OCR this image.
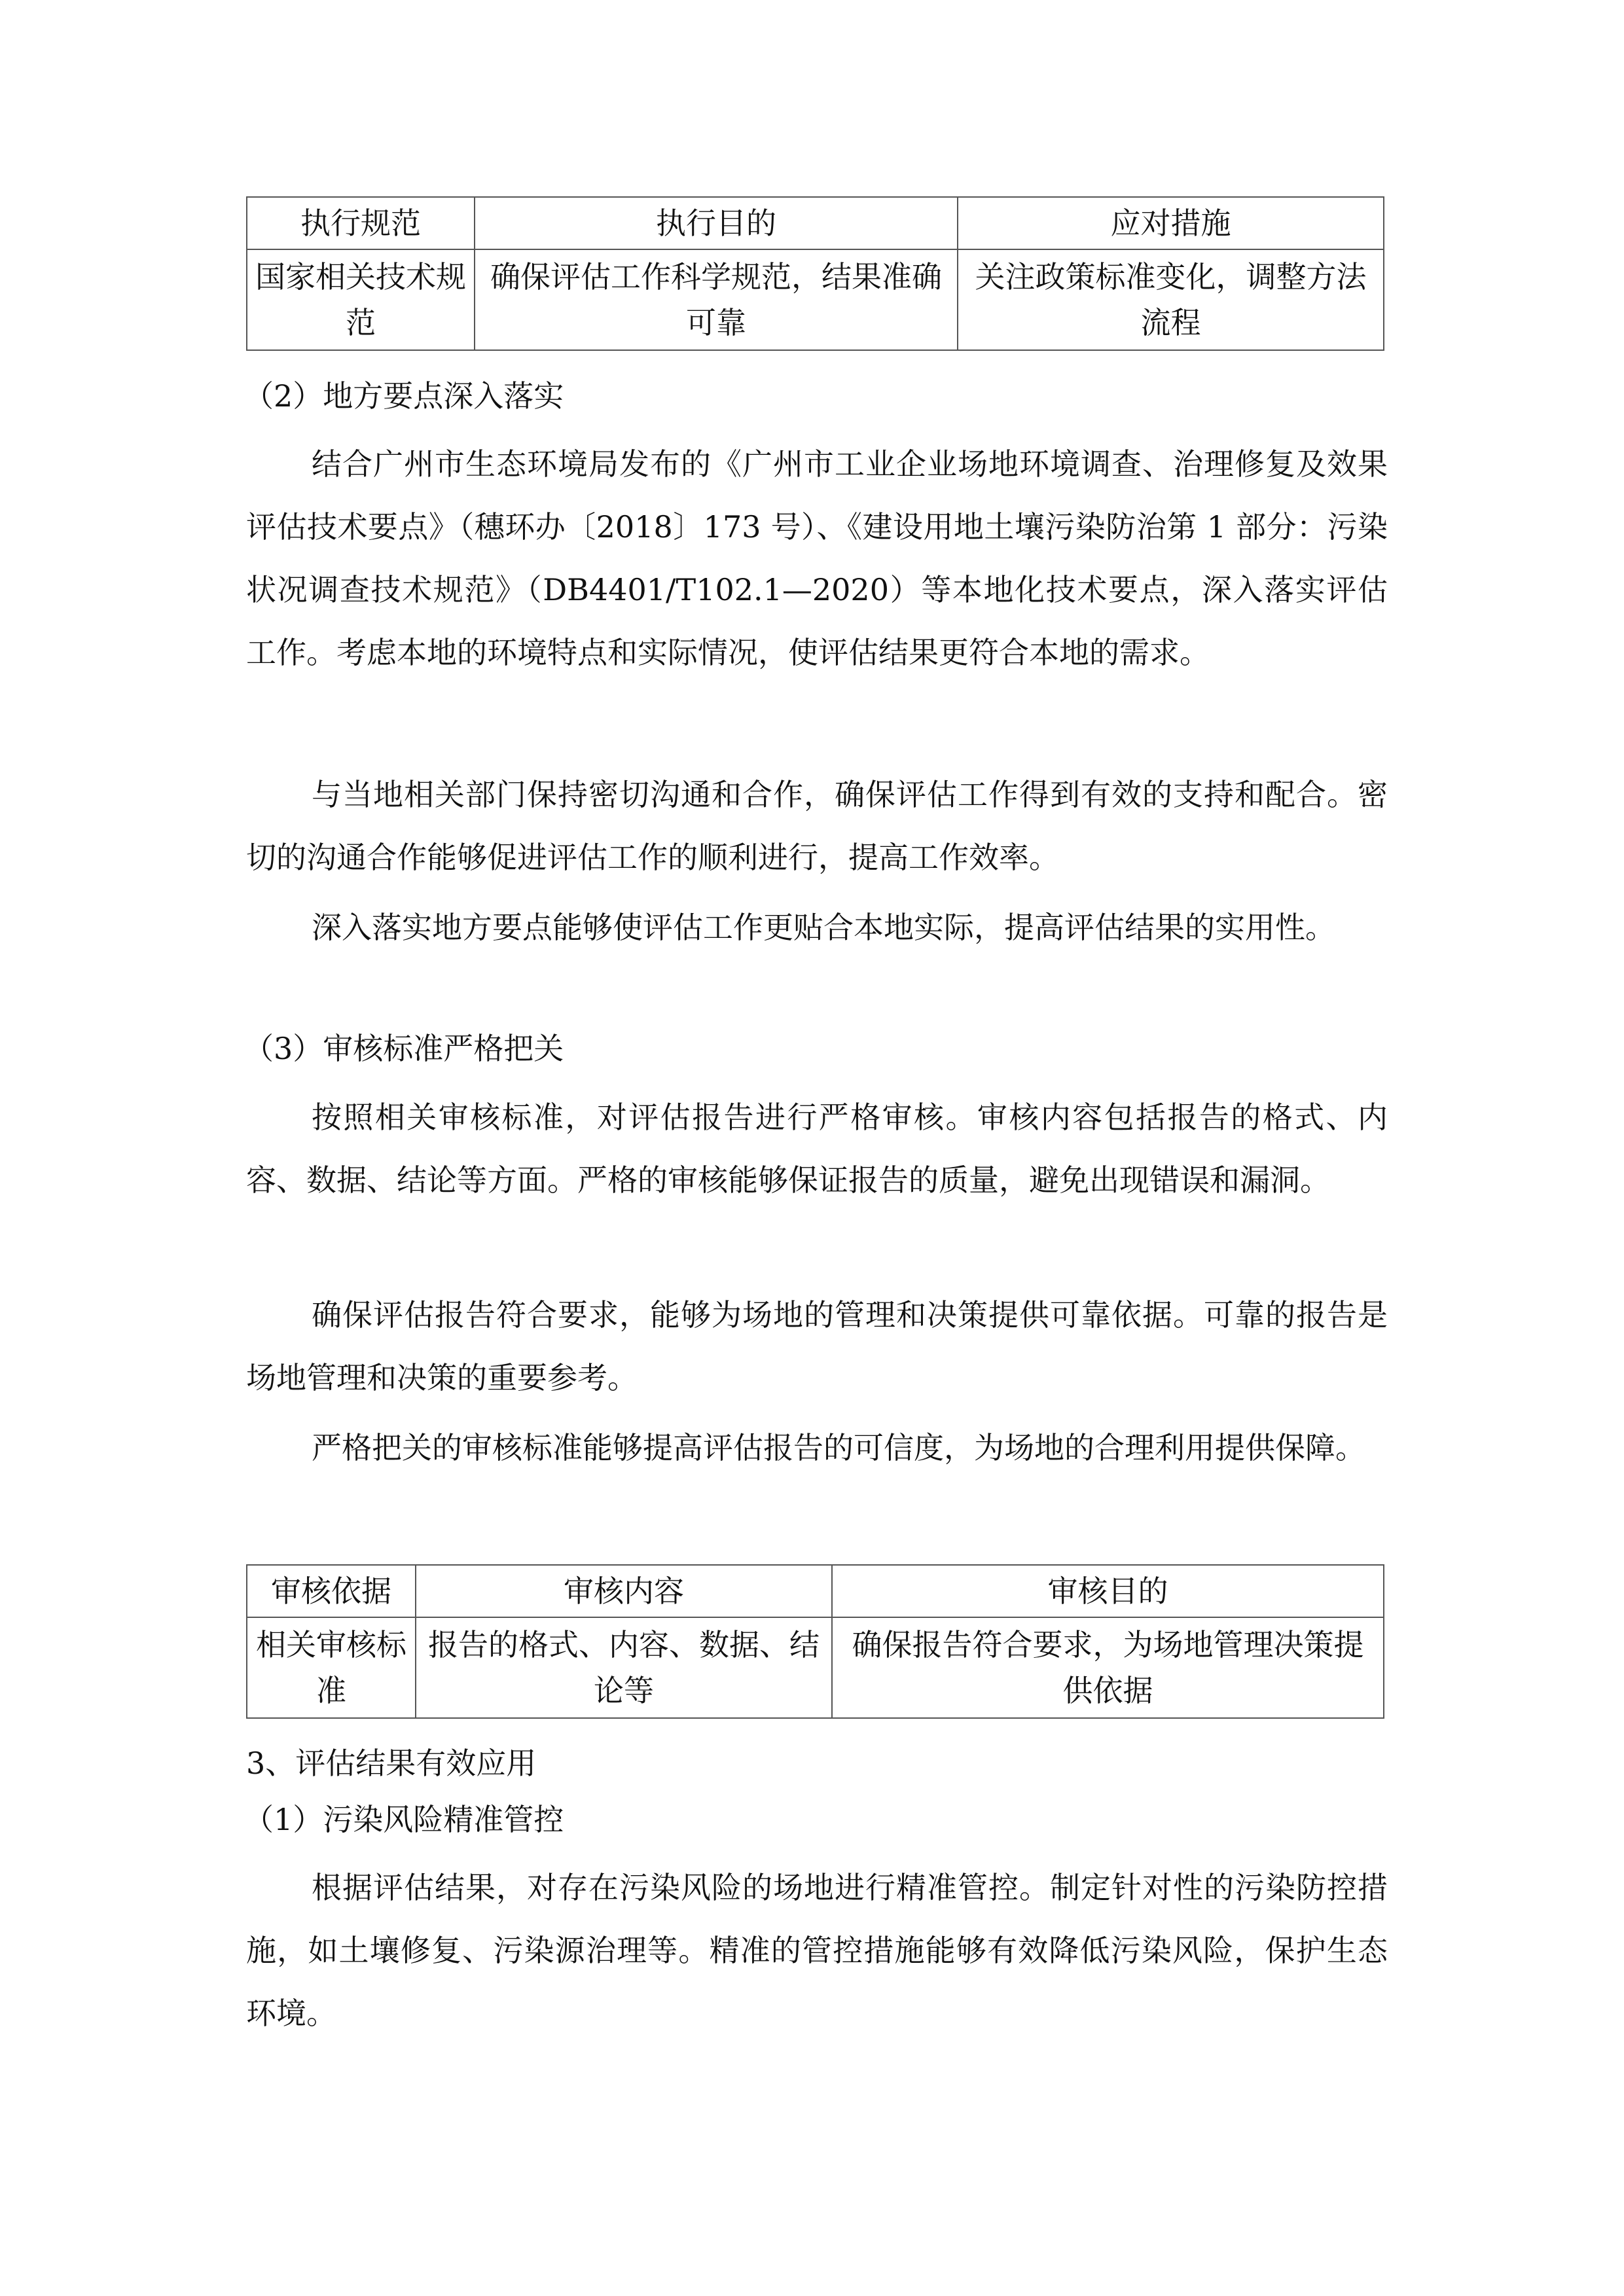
执行规范	执行目的	应对措施
国家相关技术规范	确保评估工作科学规范，结果准确可靠	关注政策标准变化，调整方法流程
（2）地方要点深入落实
结合广州市生态环境局发布的《广州市工业企业场地环境调查、治理修复及效果评估技术要点》（穗环办〔2018〕173 号）、《建设用地土壤污染防治第 1 部分：污染状况调查技术规范》（DB4401/T102.1—2020）等本地化技术要点，深入落实评估工作。考虑本地的环境特点和实际情况，使评估结果更符合本地的需求。
与当地相关部门保持密切沟通和合作，确保评估工作得到有效的支持和配合。密切的沟通合作能够促进评估工作的顺利进行，提高工作效率。
深入落实地方要点能够使评估工作更贴合本地实际，提高评估结果的实用性。
（3）审核标准严格把关
按照相关审核标准，对评估报告进行严格审核。审核内容包括报告的格式、内容、数据、结论等方面。严格的审核能够保证报告的质量，避免出现错误和漏洞。
确保评估报告符合要求，能够为场地的管理和决策提供可靠依据。可靠的报告是场地管理和决策的重要参考。
严格把关的审核标准能够提高评估报告的可信度，为场地的合理利用提供保障。
审核依据	审核内容	审核目的
相关审核标准	报告的格式、内容、数据、结论等	确保报告符合要求，为场地管理决策提供依据
3、评估结果有效应用
（1）污染风险精准管控
根据评估结果，对存在污染风险的场地进行精准管控。制定针对性的污染防控措施，如土壤修复、污染源治理等。精准的管控措施能够有效降低污染风险，保护生态环境。
